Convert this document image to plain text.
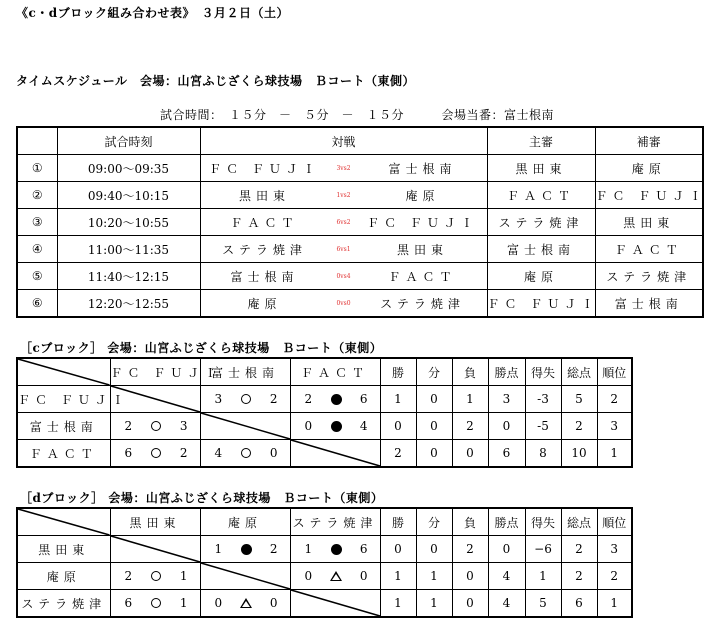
《c・dブロック組み合わせ表》　３月２日（土）
タイムスケジュール　会場：山宮ふじざくら球技場　Ｂコート（東側）
試合時間：　１５分　－　５分　－　１５分　　　会場当番：富士根南
	試合時刻	対戦	主審	補審
①	09:00～09:35	ＦＣ ＦＵＪＩ 3vs2 富士根南	黒田東	庵原
②	09:40～10:15	黒田東 1vs2 庵原	ＦＡＣＴ	ＦＣ ＦＵＪＩ
③	10:20～10:55	ＦＡＣＴ 6vs2 ＦＣ ＦＵＪＩ	ステラ焼津	黒田東
④	11:00～11:35	ステラ焼津 6vs1 黒田東	富士根南	ＦＡＣＴ
⑤	11:40～12:15	富士根南 0vs4 ＦＡＣＴ	庵原	ステラ焼津
⑥	12:20～12:55	庵原 0vs0 ステラ焼津	ＦＣ ＦＵＪＩ	富士根南
［cブロック］ 会場：山宮ふじざくら球技場　Ｂコート（東側）
	ＦＣ ＦＵＪＩ	富士根南	ＦＡＣＴ	勝	分	負	勝点	得失	総点	順位
ＦＣ ＦＵＪＩ		3 2	2 6	1	0	1	3	-3	5	2
富士根南	2 3		0 4	0	0	2	0	-5	2	3
ＦＡＣＴ	6 2	4 0		2	0	0	6	8	10	1
［dブロック］ 会場：山宮ふじざくら球技場　Ｂコート（東側）
	黒田東	庵原	ステラ焼津	勝	分	負	勝点	得失	総点	順位
黒田東		1 2	1 6	0	0	2	0	−6	2	3
庵原	2 1		0 0	1	1	0	4	1	2	2
ステラ焼津	6 1	0 0		1	1	0	4	5	6	1
